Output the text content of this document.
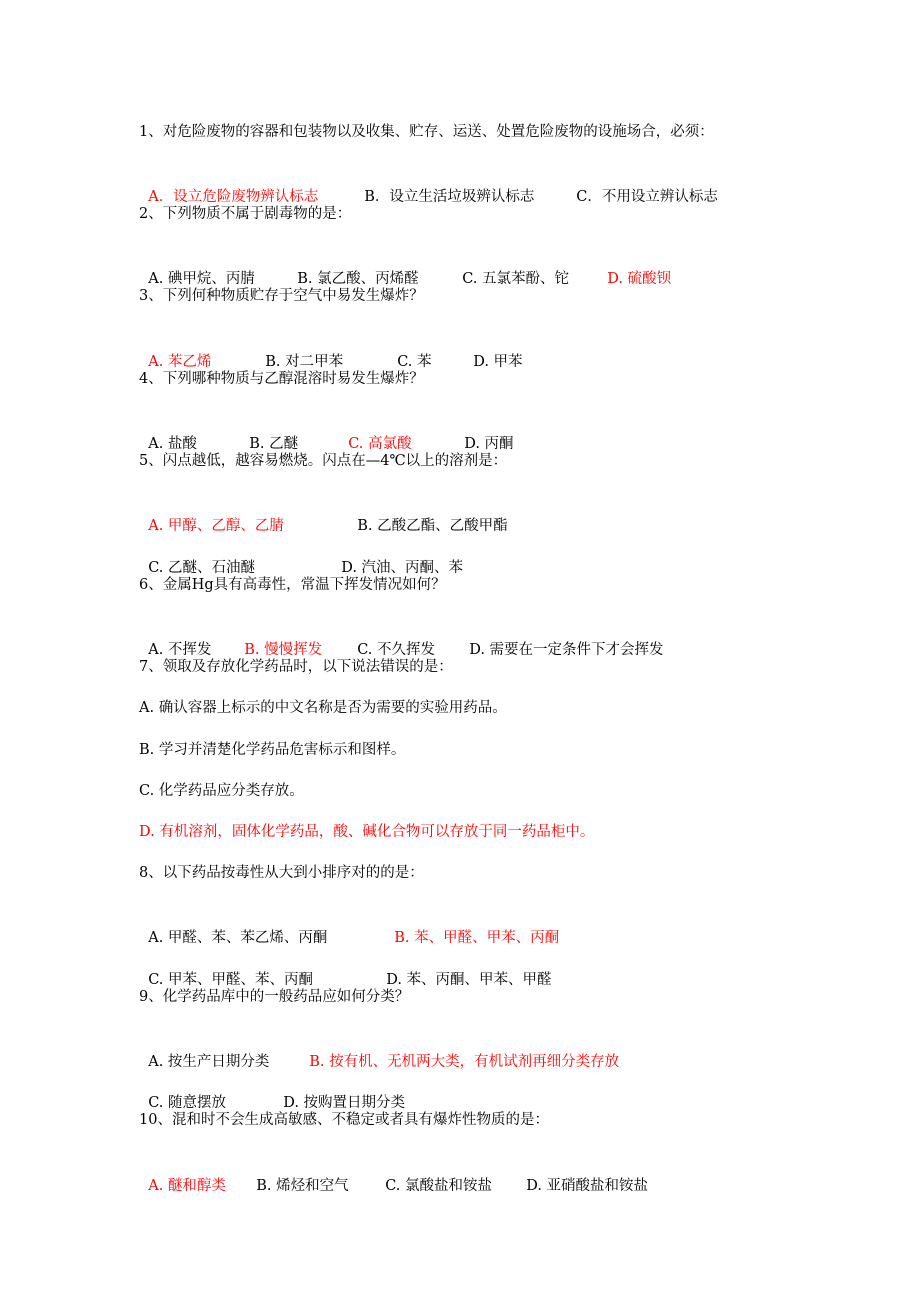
1、对危险废物的容器和包装物以及收集、贮存、运送、处置危险废物的设施场合，必须：

A．设立危险废物辨认标志	B．设立生活垃圾辨认标志	C．不用设立辨认标志

2、下列物质不属于剧毒物的是：

A. 碘甲烷、丙腈	B. 氯乙酸、丙烯醛	C. 五氯苯酚、铊	D. 硫酸钡

3、下列何种物质贮存于空气中易发生爆炸？

A. 苯乙烯	B. 对二甲苯	C. 苯	D. 甲苯

4、下列哪种物质与乙醇混溶时易发生爆炸？

A. 盐酸	B. 乙醚	C. 高氯酸	D. 丙酮

5、闪点越低，越容易燃烧。闪点在—4℃以上的溶剂是：

A. 甲醇、乙醇、乙腈	B. 乙酸乙酯、乙酸甲酯

C. 乙醚、石油醚	D. 汽油、丙酮、苯

6、金属Hg具有高毒性，常温下挥发情况如何？

A. 不挥发 B. 慢慢挥发 C. 不久挥发 D. 需要在一定条件下才会挥发

7、领取及存放化学药品时，以下说法错误的是：
A. 确认容器上标示的中文名称是否为需要的实验用药品。
B. 学习并清楚化学药品危害标示和图样。
C. 化学药品应分类存放。
D. 有机溶剂，固体化学药品，酸、碱化合物可以存放于同一药品柜中。
8、以下药品按毒性从大到小排序对的的是：

A. 甲醛、苯、苯乙烯、丙酮	B. 苯、甲醛、甲苯、丙酮

C. 甲苯、甲醛、苯、丙酮	D. 苯、丙酮、甲苯、甲醛

9、化学药品库中的一般药品应如何分类？

A. 按生产日期分类	B. 按有机、无机两大类，有机试剂再细分类存放

C. 随意摆放	D. 按购置日期分类

10、混和时不会生成高敏感、不稳定或者具有爆炸性物质的是：

A. 醚和醇类 B. 烯烃和空气	C. 氯酸盐和铵盐 D. 亚硝酸盐和铵盐
